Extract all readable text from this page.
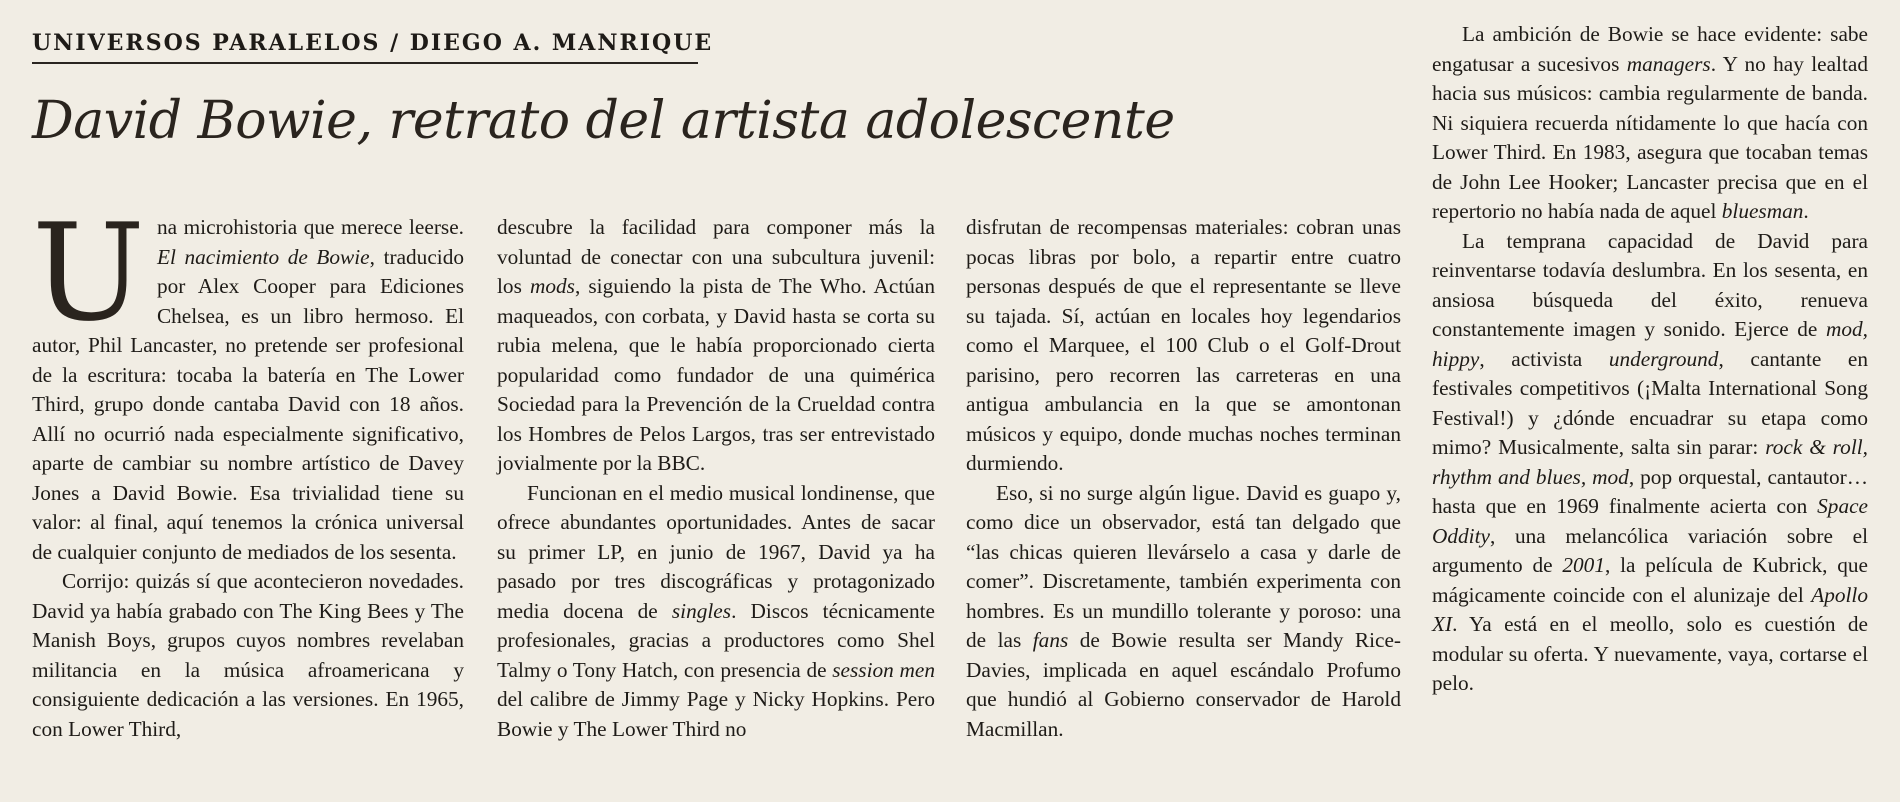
UNIVERSOS PARALELOS / DIEGO A. MANRIQUE
David Bowie, retrato del artista adolescente

Una microhistoria que merece leerse. El nacimiento de Bowie, traducido por Alex Cooper para Ediciones Chelsea, es un libro hermoso. El autor, Phil Lancaster, no pretende ser profesional de la escritura: tocaba la batería en The Lower Third, grupo donde cantaba David con 18 años. Allí no ocurrió nada especialmente significativo, aparte de cambiar su nombre artístico de Davey Jones a David Bowie. Esa trivialidad tiene su valor: al final, aquí tenemos la crónica universal de cualquier conjunto de mediados de los sesenta.

Corrijo: quizás sí que acontecieron novedades. David ya había grabado con The King Bees y The Manish Boys, grupos cuyos nombres revelaban militancia en la música afroamericana y consiguiente dedicación a las versiones. En 1965, con Lower Third,

descubre la facilidad para componer más la voluntad de conectar con una subcultura juvenil: los mods, siguiendo la pista de The Who. Actúan maqueados, con corbata, y David hasta se corta su rubia melena, que le había proporcionado cierta popularidad como fundador de una quimérica Sociedad para la Prevención de la Crueldad contra los Hombres de Pelos Largos, tras ser entrevistado jovialmente por la BBC.

Funcionan en el medio musical londinense, que ofrece abundantes oportunidades. Antes de sacar su primer LP, en junio de 1967, David ya ha pasado por tres discográficas y protagonizado media docena de singles. Discos técnicamente profesionales, gracias a productores como Shel Talmy o Tony Hatch, con presencia de session men del calibre de Jimmy Page y Nicky Hopkins. Pero Bowie y The Lower Third no

disfrutan de recompensas materiales: cobran unas pocas libras por bolo, a repartir entre cuatro personas después de que el representante se lleve su tajada. Sí, actúan en locales hoy legendarios como el Marquee, el 100 Club o el Golf-Drout parisino, pero recorren las carreteras en una antigua ambulancia en la que se amontonan músicos y equipo, donde muchas noches terminan durmiendo.

Eso, si no surge algún ligue. David es guapo y, como dice un observador, está tan delgado que “las chicas quieren llevárselo a casa y darle de comer”. Discretamente, también experimenta con hombres. Es un mundillo tolerante y poroso: una de las fans de Bowie resulta ser Mandy Rice-Davies, implicada en aquel escándalo Profumo que hundió al Gobierno conservador de Harold Macmillan.

La ambición de Bowie se hace evidente: sabe engatusar a sucesivos managers. Y no hay lealtad hacia sus músicos: cambia regularmente de banda. Ni siquiera recuerda nítidamente lo que hacía con Lower Third. En 1983, asegura que tocaban temas de John Lee Hooker; Lancaster precisa que en el repertorio no había nada de aquel bluesman.

La temprana capacidad de David para reinventarse todavía deslumbra. En los sesenta, en ansiosa búsqueda del éxito, renueva constantemente imagen y sonido. Ejerce de mod, hippy, activista underground, cantante en festivales competitivos (¡Malta International Song Festival!) y ¿dónde encuadrar su etapa como mimo? Musicalmente, salta sin parar: rock & roll, rhythm and blues, mod, pop orquestal, cantautor… hasta que en 1969 finalmente acierta con Space Oddity, una melancólica variación sobre el argumento de 2001, la película de Kubrick, que mágicamente coincide con el alunizaje del Apollo XI. Ya está en el meollo, solo es cuestión de modular su oferta. Y nuevamente, vaya, cortarse el pelo.
